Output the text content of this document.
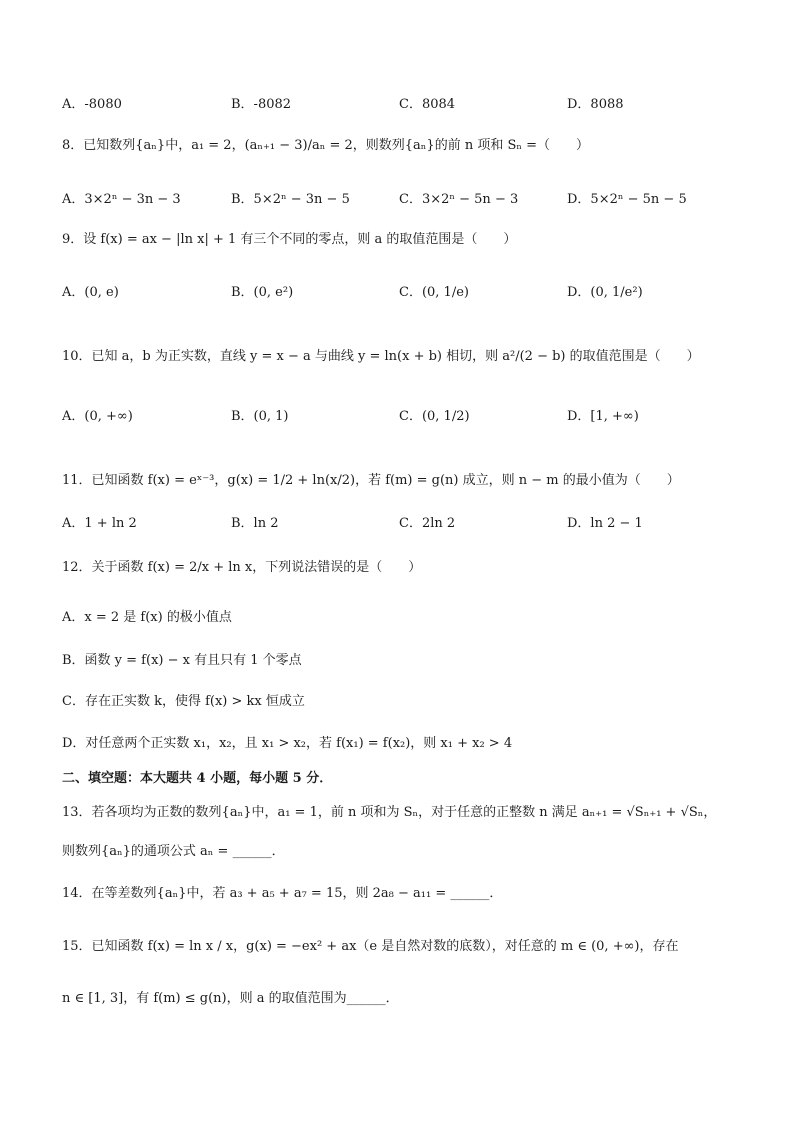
A．-8080	B．-8082	C．8084	D．8088
8．已知数列{aₙ}中，a₁ = 2，(aₙ₊₁ − 3)/aₙ = 2，则数列{aₙ}的前 n 项和 Sₙ =（　　）
A．3×2ⁿ − 3n − 3	B．5×2ⁿ − 3n − 5	C．3×2ⁿ − 5n − 3	D．5×2ⁿ − 5n − 5
9．设 f(x) = ax − |ln x| + 1 有三个不同的零点，则 a 的取值范围是（　　）
A．(0, e)	B．(0, e²)	C．(0, 1/e)	D．(0, 1/e²)
10．已知 a，b 为正实数，直线 y = x − a 与曲线 y = ln(x + b) 相切，则 a²/(2 − b) 的取值范围是（　　）
A．(0, +∞)	B．(0, 1)	C．(0, 1/2)	D．[1, +∞)
11．已知函数 f(x) = eˣ⁻³，g(x) = 1/2 + ln(x/2)，若 f(m) = g(n) 成立，则 n − m 的最小值为（　　）
A．1 + ln 2	B．ln 2	C．2ln 2	D．ln 2 − 1
12．关于函数 f(x) = 2/x + ln x，下列说法错误的是（　　）
A．x = 2 是 f(x) 的极小值点
B．函数 y = f(x) − x 有且只有 1 个零点
C．存在正实数 k，使得 f(x) > kx 恒成立
D．对任意两个正实数 x₁，x₂，且 x₁ > x₂，若 f(x₁) = f(x₂)，则 x₁ + x₂ > 4
二、填空题：本大题共 4 小题，每小题 5 分．
13．若各项均为正数的数列{aₙ}中，a₁ = 1，前 n 项和为 Sₙ，对于任意的正整数 n 满足 aₙ₊₁ = √Sₙ₊₁ + √Sₙ，
则数列{aₙ}的通项公式 aₙ = ______．
14．在等差数列{aₙ}中，若 a₃ + a₅ + a₇ = 15，则 2a₈ − a₁₁ = ______．
15．已知函数 f(x) = ln x / x，g(x) = −ex² + ax（e 是自然对数的底数），对任意的 m ∈ (0, +∞)，存在
n ∈ [1, 3]，有 f(m) ≤ g(n)，则 a 的取值范围为______．
